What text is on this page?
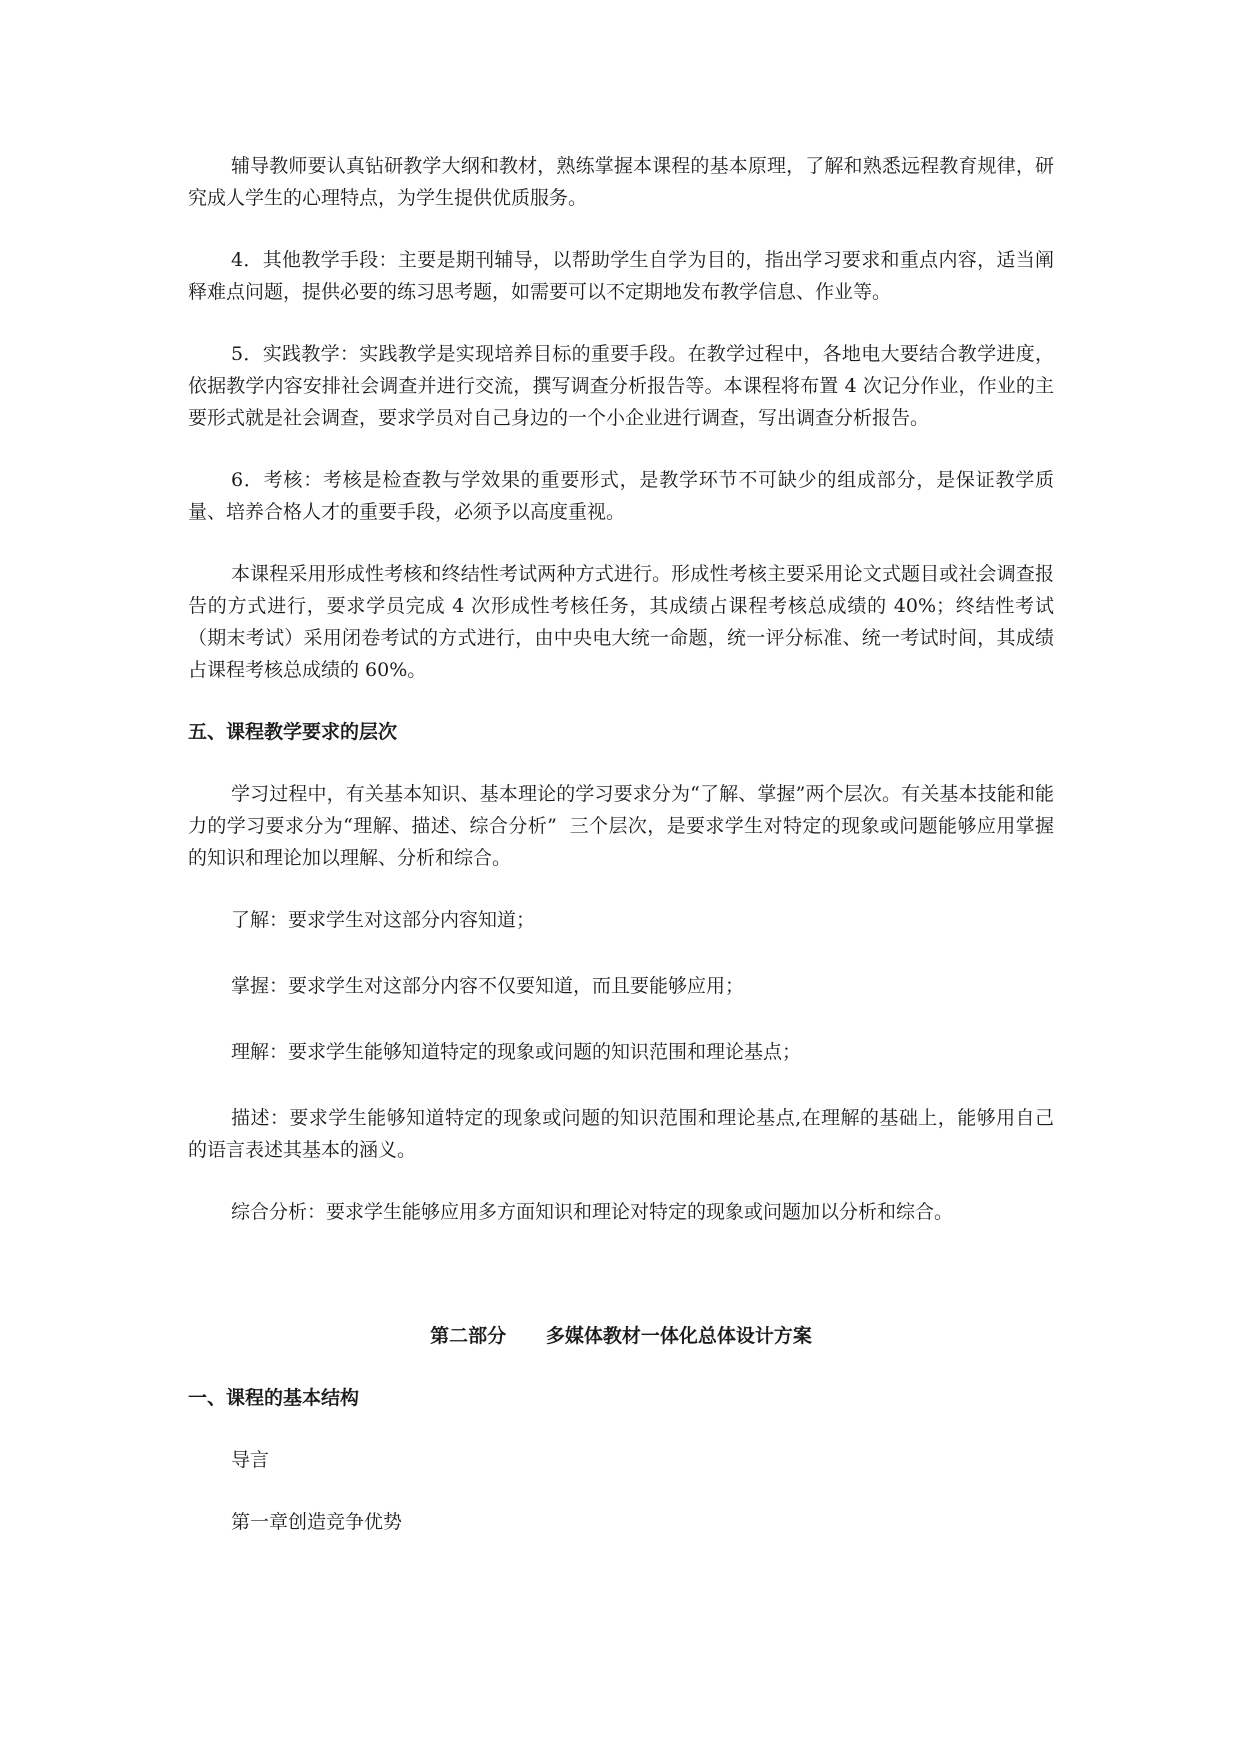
辅导教师要认真钻研教学大纲和教材，熟练掌握本课程的基本原理，了解和熟悉远程教育规律，研究成人学生的心理特点，为学生提供优质服务。

4．其他教学手段：主要是期刊辅导，以帮助学生自学为目的，指出学习要求和重点内容，适当阐释难点问题，提供必要的练习思考题，如需要可以不定期地发布教学信息、作业等。

5．实践教学：实践教学是实现培养目标的重要手段。在教学过程中，各地电大要结合教学进度，依据教学内容安排社会调查并进行交流，撰写调查分析报告等。本课程将布置 4 次记分作业，作业的主要形式就是社会调查，要求学员对自己身边的一个小企业进行调查，写出调查分析报告。

6．考核：考核是检查教与学效果的重要形式，是教学环节不可缺少的组成部分，是保证教学质量、培养合格人才的重要手段，必须予以高度重视。

本课程采用形成性考核和终结性考试两种方式进行。形成性考核主要采用论文式题目或社会调查报告的方式进行，要求学员完成 4 次形成性考核任务，其成绩占课程考核总成绩的 40%；终结性考试（期末考试）采用闭卷考试的方式进行，由中央电大统一命题，统一评分标准、统一考试时间，其成绩占课程考核总成绩的 60%。

五、课程教学要求的层次

学习过程中，有关基本知识、基本理论的学习要求分为“了解、掌握”两个层次。有关基本技能和能力的学习要求分为“理解、描述、综合分析”  三个层次，是要求学生对特定的现象或问题能够应用掌握的知识和理论加以理解、分析和综合。

了解：要求学生对这部分内容知道；

掌握：要求学生对这部分内容不仅要知道，而且要能够应用；

理解：要求学生能够知道特定的现象或问题的知识范围和理论基点；

描述：要求学生能够知道特定的现象或问题的知识范围和理论基点,在理解的基础上，能够用自己的语言表述其基本的涵义。

综合分析：要求学生能够应用多方面知识和理论对特定的现象或问题加以分析和综合。

第二部分      多媒体教材一体化总体设计方案
一、课程的基本结构
导言
第一章创造竞争优势
